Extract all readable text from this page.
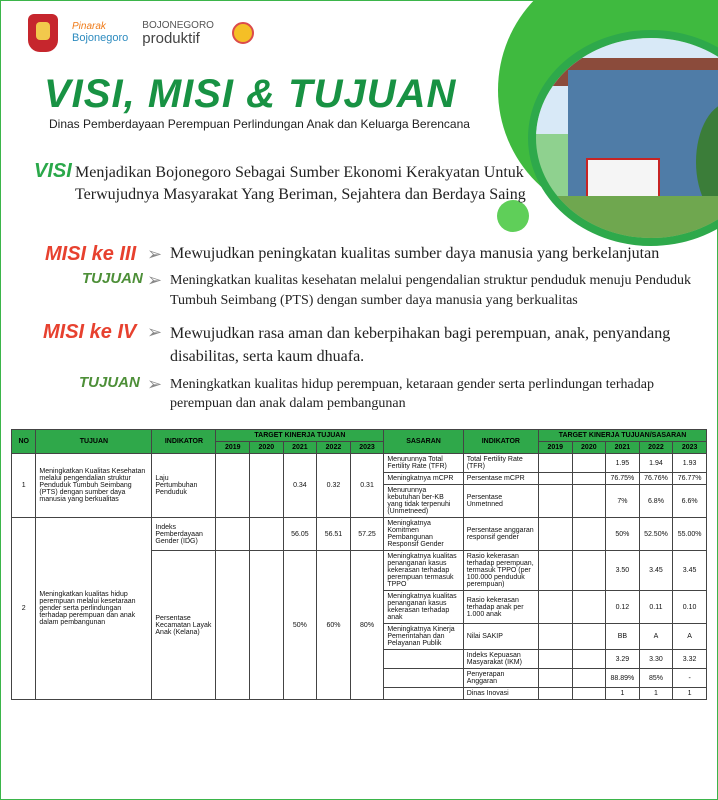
Pinarak
Bojonegoro
BOJONEGORO
produktif
VISI, MISI & TUJUAN
Dinas Pemberdayaan Perempuan Perlindungan Anak dan Keluarga Berencana
VISI Menjadikan Bojonegoro Sebagai Sumber Ekonomi Kerakyatan Untuk Terwujudnya Masyarakat Yang Beriman, Sejahtera dan Berdaya Saing
MISI ke III ➢ Mewujudkan peningkatan kualitas sumber daya manusia yang berkelanjutan
TUJUAN ➢ Meningkatkan kualitas kesehatan melalui pengendalian struktur penduduk menuju Penduduk Tumbuh Seimbang (PTS) dengan sumber daya manusia yang berkualitas
MISI ke IV ➢ Mewujudkan rasa aman dan keberpihakan bagi perempuan, anak, penyandang disabilitas, serta kaum dhuafa.
TUJUAN ➢ Meningkatkan kualitas hidup perempuan, ketaraan gender serta perlindungan terhadap perempuan dan anak dalam pembangunan
NO	TUJUAN	INDIKATOR	TARGET KINERJA TUJUAN					SASARAN	INDIKATOR	TARGET KINERJA TUJUAN/SASARAN				
			2019	2020	2021	2022	2023			2019	2020	2021	2022	2023
1	Meningkatkan Kualitas Kesehatan melalui pengendalian struktur Penduduk Tumbuh Seimbang (PTS) dengan sumber daya manusia yang berkualitas	Laju Pertumbuhan Penduduk			0.34	0.32	0.31	Menurunnya Total Fertility Rate (TFR)	Total Fertility Rate (TFR)			1.95	1.94	1.93
								Meningkatnya mCPR	Persentase mCPR			76.75%	76.76%	76.77%
								Menurunnya kebutuhan ber-KB yang tidak terpenuhi (Unmetneed)	Persentase Unmetnned			7%	6.8%	6.6%
2	Meningkatkan kualitas hidup perempuan melalui kesetaraan gender serta perlindungan terhadap perempuan dan anak dalam pembangunan	Indeks Pemberdayaan Gender (IDG)			56.05	56.51	57.25	Meningkatnya Komitmen Pembangunan Responsif Gender	Persentase anggaran responsif gender			50%	52.50%	55.00%
		Persentase Kecamatan Layak Anak (Kelana)			50%	60%	80%	Meningkatnya kualitas penanganan kasus kekerasan terhadap perempuan termasuk TPPO	Rasio kekerasan terhadap perempuan, termasuk TPPO (per 100.000 penduduk perempuan)			3.50	3.45	3.45
								Meningkatnya kualitas penanganan kasus kekerasan terhadap anak	Rasio kekerasan terhadap anak per 1.000 anak			0.12	0.11	0.10
								Meningkatnya Kinerja Pemerintahan dan Pelayanan Publik	Nilai SAKIP			BB	A	A
									Indeks Kepuasan Masyarakat (IKM)			3.29	3.30	3.32
									Penyerapan Anggaran			88.89%	85%	-
									Dinas Inovasi			1	1	1
